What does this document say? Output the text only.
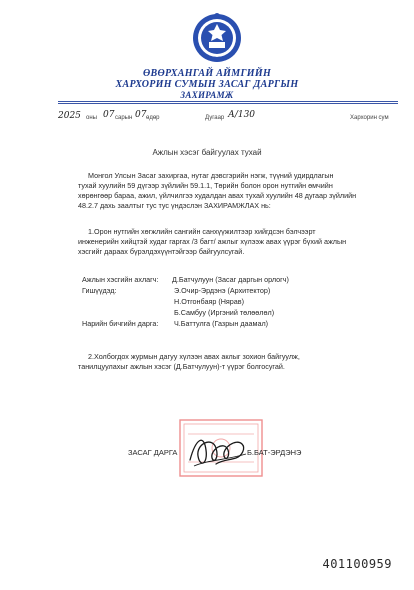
ӨВӨРХАНГАЙ АЙМГИЙН
ХАРХОРИН СУМЫН ЗАСАГ ДАРГЫН
ЗАХИРАМЖ
2025 оны 07 сарын 07 өдөр	Дугаар А/130	Хархорин сум
Ажлын хэсэг байгуулах тухай
Монгол Улсын Засаг захиргаа, нутаг дэвсгэрийн нэгж, түүний удирдлагын
тухай хуулийн 59 дүгээр зүйлийн 59.1.1, Төрийн болон орон нутгийн өмчийн
хөрөнгөөр бараа, ажил, үйлчилгээ худалдан авах тухай хуулийн 48 дугаар зүйлийн
48.2.7 дахь заалтыг тус тус үндэслэн ЗАХИРАМЖЛАХ нь:
1.Орон нутгийн хөгжлийн сангийн санхүүжилтээр хийгдсэн бэлчээрт
инженерийн хийцтэй худаг гаргах /3 багт/ ажлыг хүлээж авах үүрэг бүхий ажлын
хэсгийг дараах бүрэлдэхүүнтэйгээр байгуулсугай.
Ажлын хэсгийн ахлагч: Д.Батчулуун (Засаг даргын орлогч)
Гишүүдэд:	Э.Очир-Эрдэнэ (Архитектор)
Н.Отгонбаяр (Нярав)
Б.Самбуу (Иргэний төлөөлөл)
Нарийн бичгийн дарга: Ч.Баттулга (Газрын даамал)
2.Холбогдох журмын дагуу хүлээн авах аклыг зохион байгуулж,
танилцуулахыг ажлын хэсэг (Д.Батчулуун)-т үүрэг болгосугай.
ЗАСАГ ДАРГА	Б.БАТ-ЭРДЭНЭ
401100959
